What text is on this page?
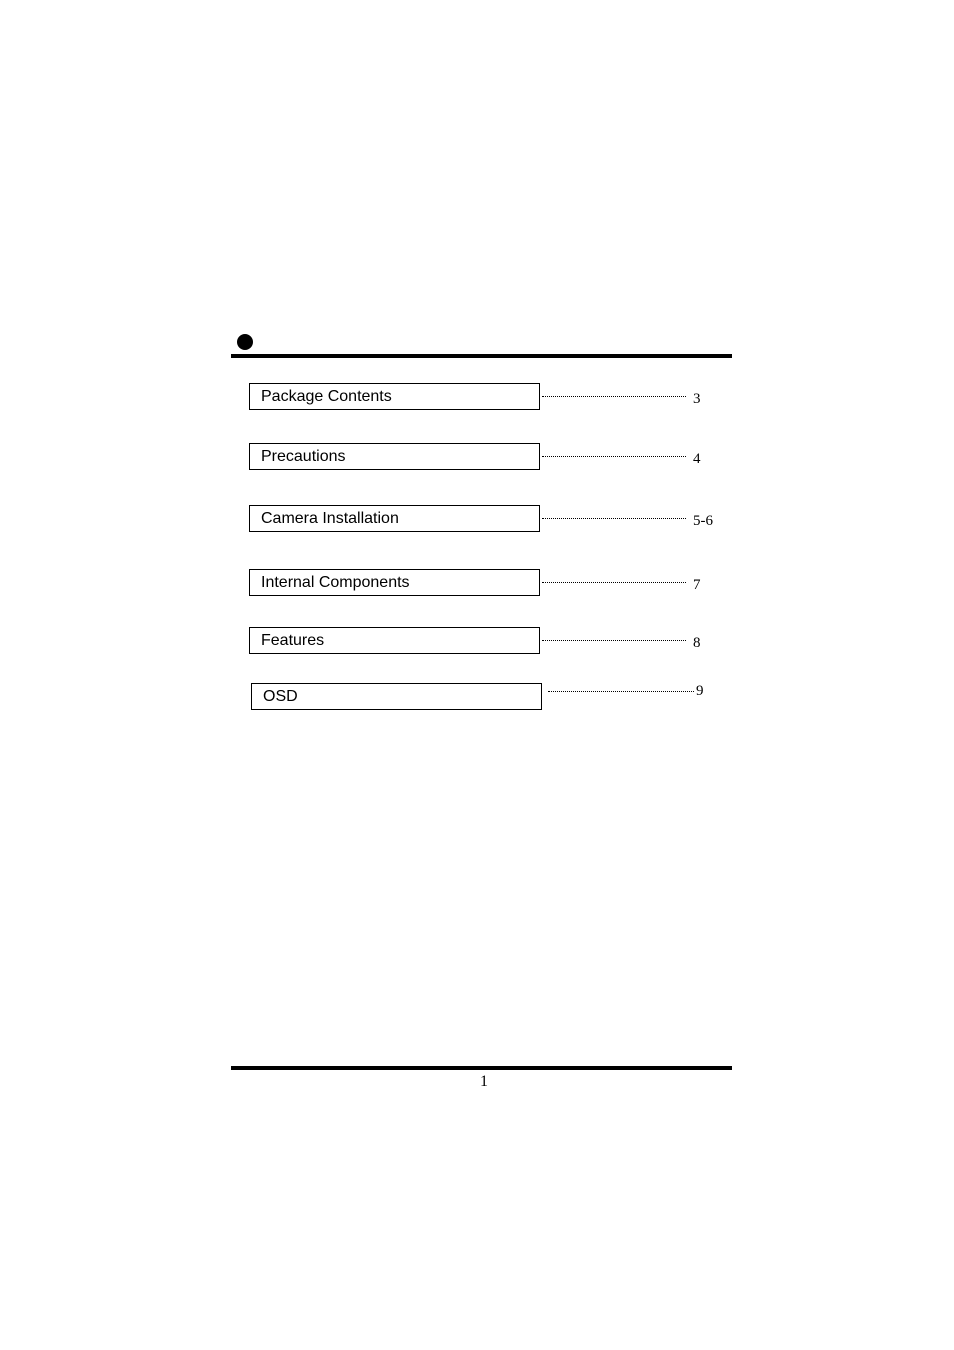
Package Contents	3
Precautions	4
Camera Installation	5-6
Internal Components	7
Features	8
OSD	9
1
